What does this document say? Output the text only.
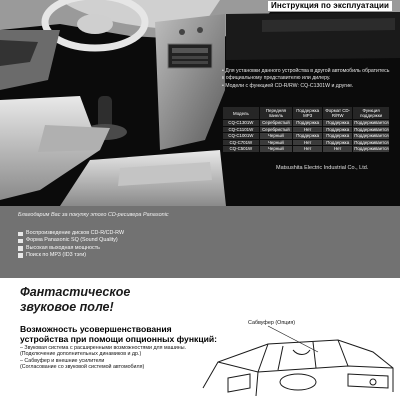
Инструкция по эксплуатации
• Для установки данного устройства в другой автомобиль обратитесь к официальному представителю или дилеру.
• Модели с функцией CD-R/RW: CQ-C1301W и другие.
Модель	Передняя панель	Поддержка MP3	Формат CD-R/RW	Функция поддержки
CQ-C1301W	Серебристый	Поддержка	Поддержка	Поддерживается
CQ-C1101W	Серебристый	Нет	Поддержка	Поддерживается
CQ-C1001W	Черный	Поддержка	Поддержка	Поддерживается
CQ-C701W	Черный	Нет	Поддержка	Поддерживается
CQ-C501W	Черный	Нет	Нет	Поддерживается
Matsushita Electric Industrial Co., Ltd.
Благодарим Вас за покупку этого CD-ресивера Panasonic
Воспроизведение дисков CD-R/CD-RW
Форма Panasonic SQ (Sound Quality)
Высокая выходная мощность
Поиск по MP3 (ID3 тэги)
Фантастическое
звуковое поле!
Возможность усовершенствования
устройства при помощи опционных функций:
– Звуковая система с расширенными возможностями для машины.
(Подключение дополнительных динамиков и др.)
– Сабвуфер и внешние усилители
(Согласование со звуковой системой автомобиля)
Сабвуфер (Опция)
